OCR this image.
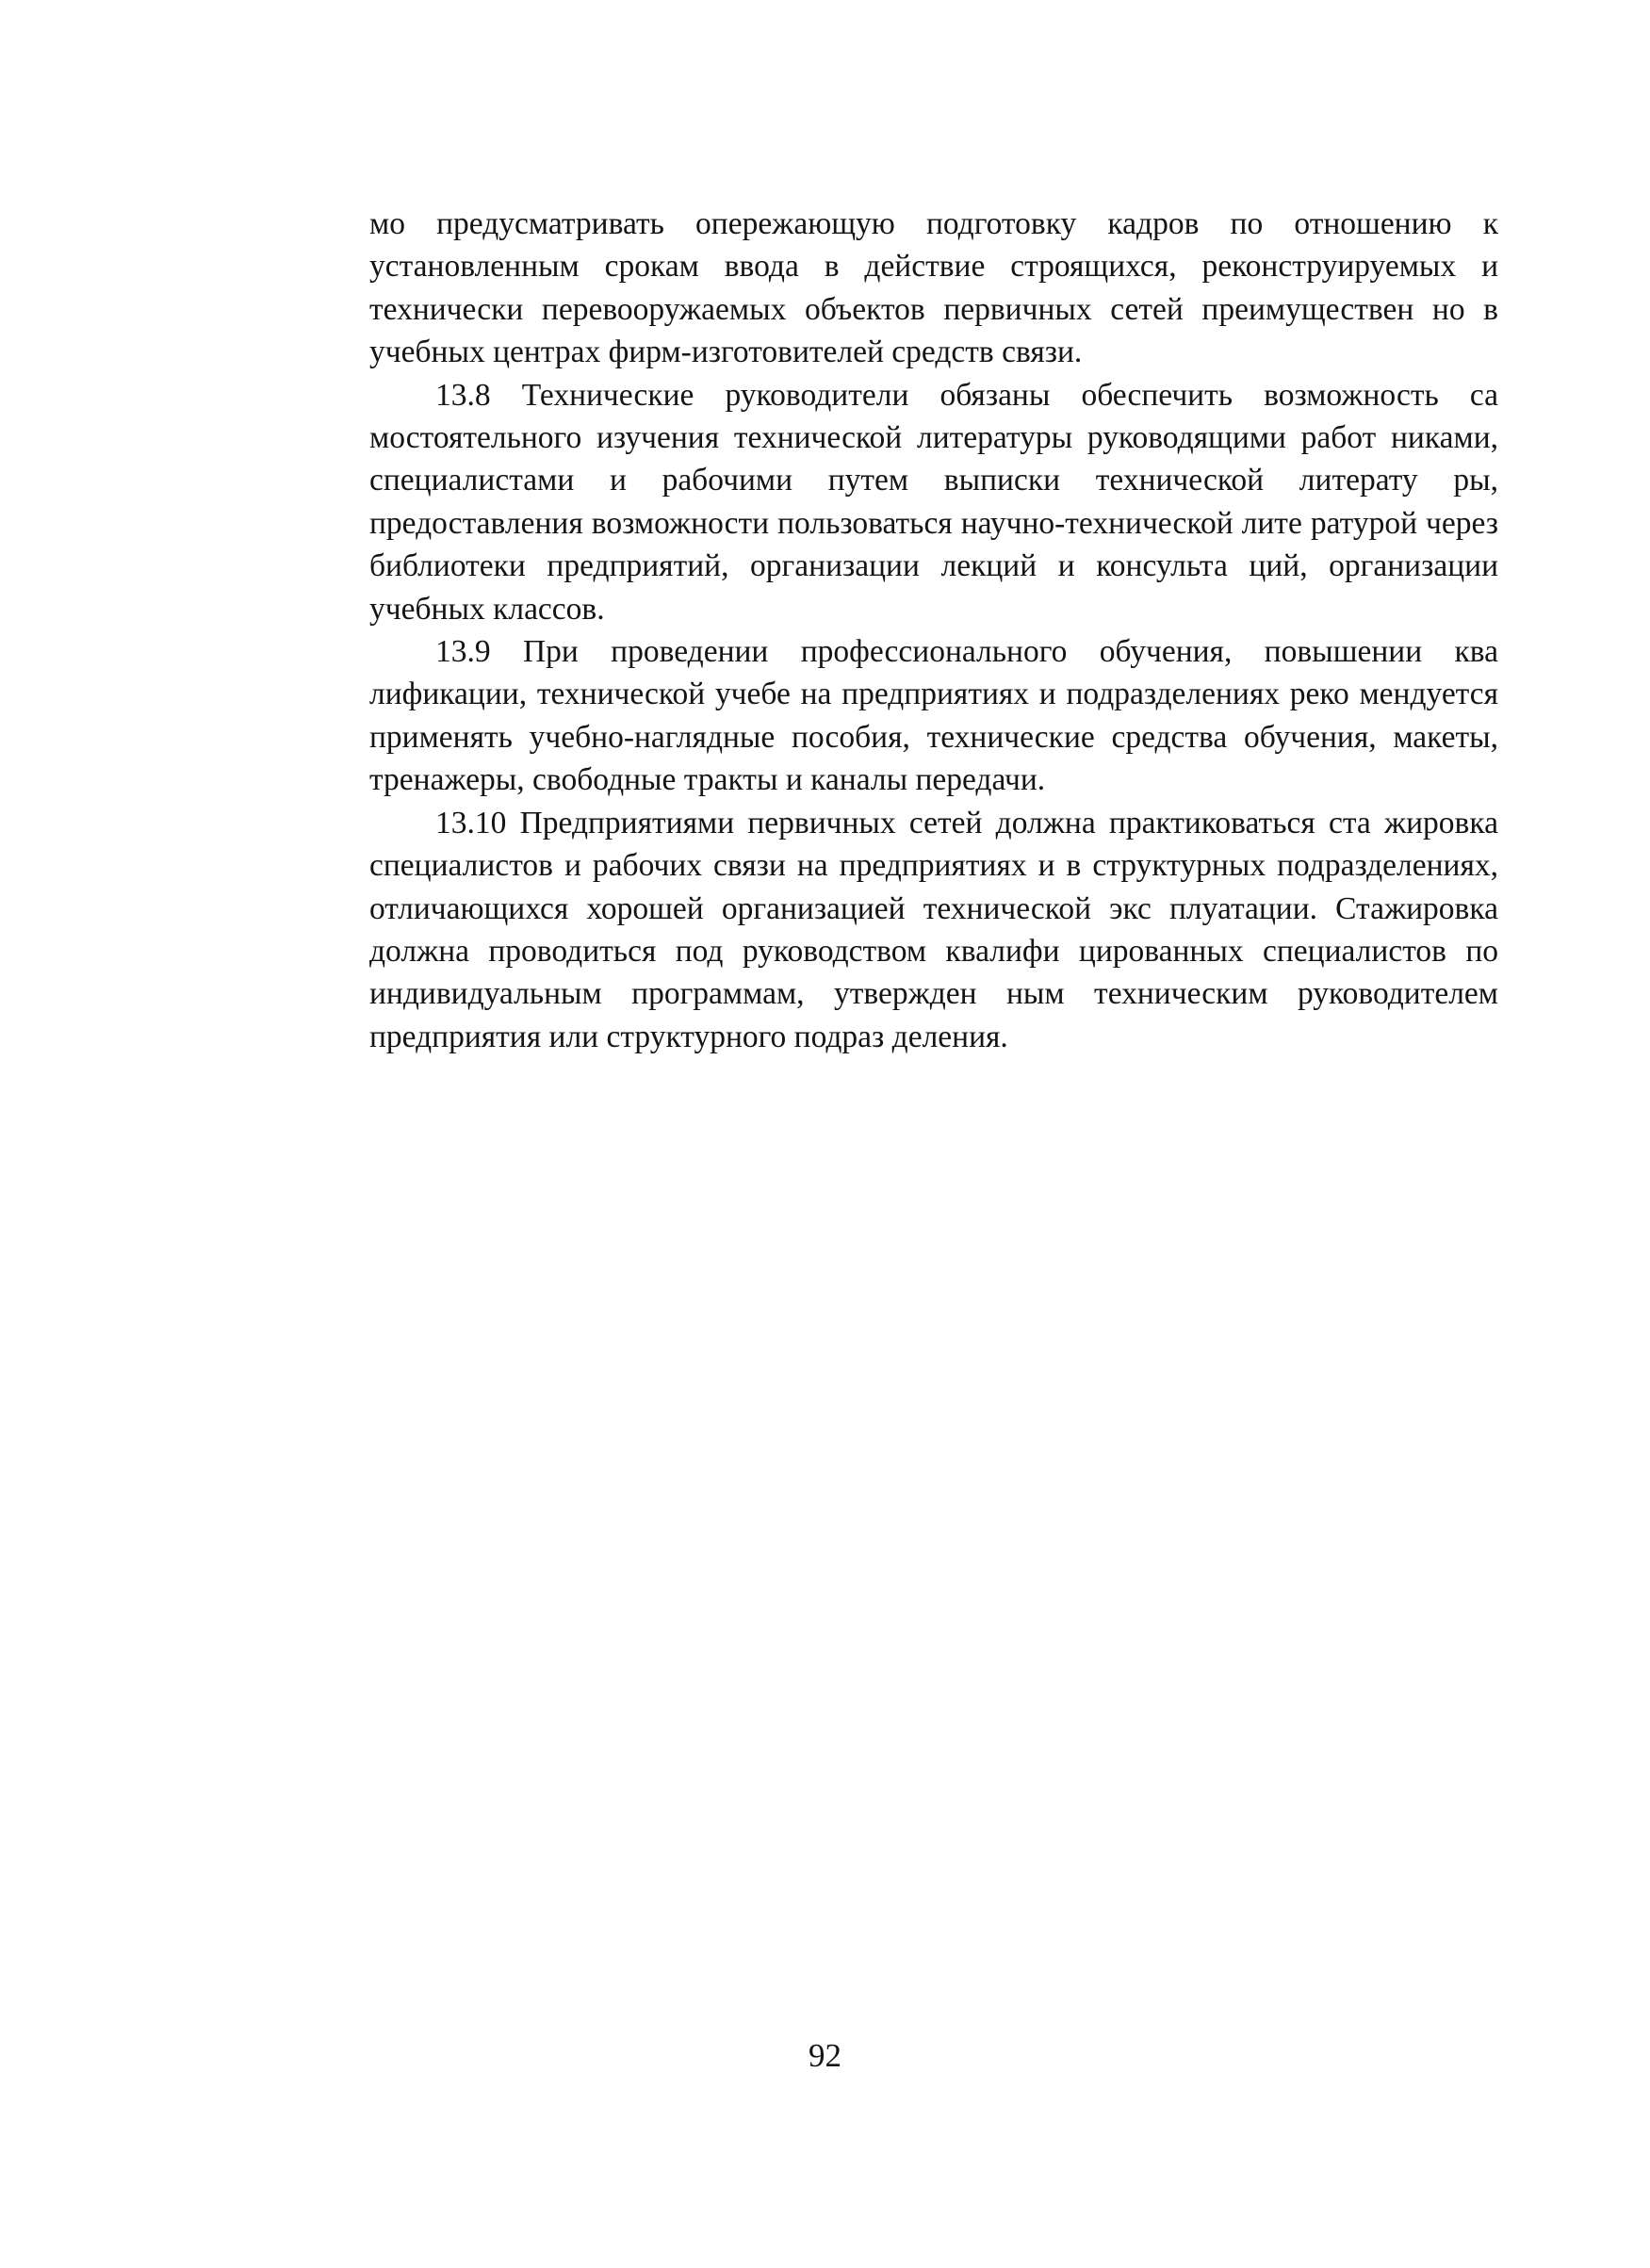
мо предусматривать опережающую подготовку кадров по отношению к установленным срокам ввода в действие строящихся, реконструируемых и технически перевооружаемых объектов первичных сетей преимуществен но в учебных центрах фирм-изготовителей средств связи.

13.8 Технические руководители обязаны обеспечить возможность са мостоятельного изучения технической литературы руководящими работ никами, специалистами и рабочими путем выписки технической литерату ры, предоставления возможности пользоваться научно-технической лите ратурой через библиотеки предприятий, организации лекций и консульта ций, организации учебных классов.

13.9 При проведении профессионального обучения, повышении ква лификации, технической учебе на предприятиях и подразделениях реко мендуется применять учебно-наглядные пособия, технические средства обучения, макеты, тренажеры, свободные тракты и каналы передачи.

13.10 Предприятиями первичных сетей должна практиковаться ста жировка специалистов и рабочих связи на предприятиях и в структурных подразделениях, отличающихся хорошей организацией технической экс плуатации. Стажировка должна проводиться под руководством квалифи цированных специалистов по индивидуальным программам, утвержден ным техническим руководителем предприятия или структурного подраз деления.

92
